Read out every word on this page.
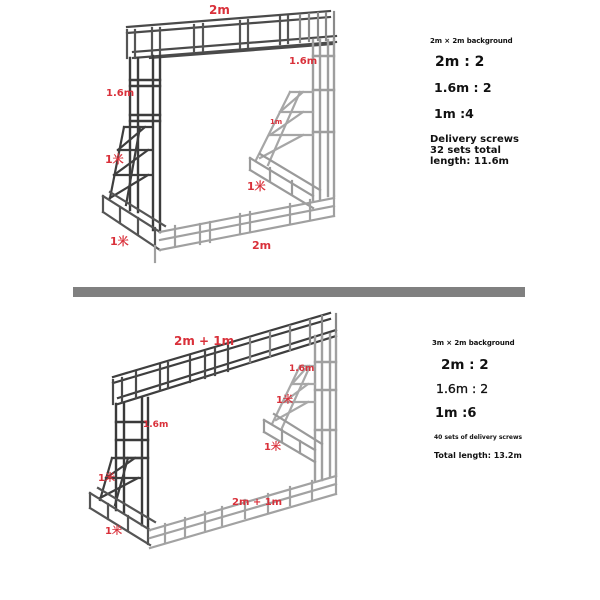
2m
1.6m
1.6m
1m
1米
1米
1米	2m
2m × 2m background
2m : 2
1.6m : 2
1m :4
Delivery screws
32 sets total
length: 11.6m
2m + 1m
1.6m
1.6m
1米
1米
1米
1米
2m + 1m
3m × 2m background
2m : 2
1.6m : 2
1m :6
40 sets of delivery screws
Total length: 13.2m
